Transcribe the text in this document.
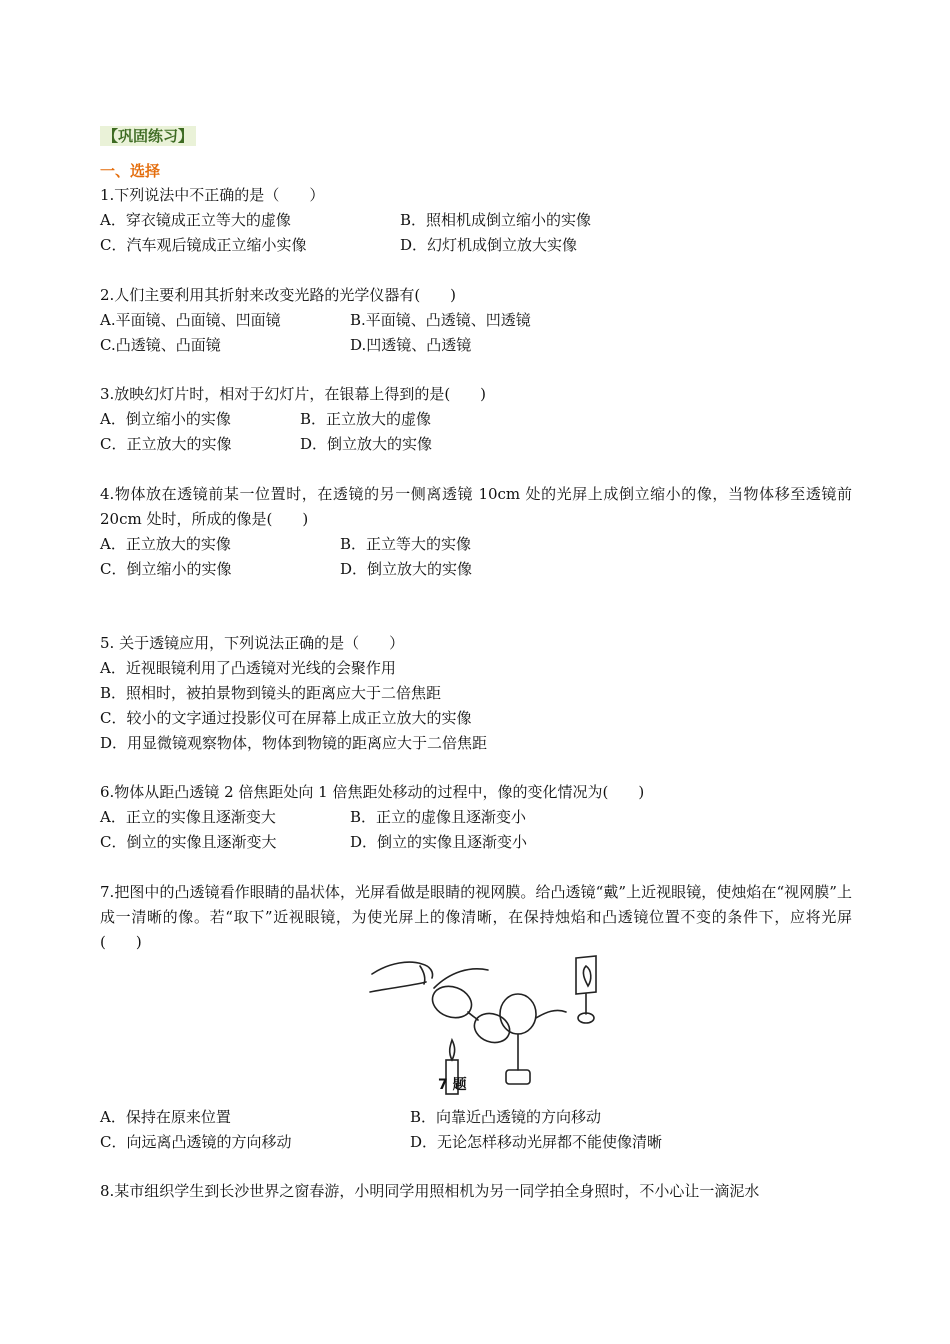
【巩固练习】
一、选择
1.下列说法中不正确的是（　　）
A．穿衣镜成正立等大的虚像	B．照相机成倒立缩小的实像
C．汽车观后镜成正立缩小实像	D．幻灯机成倒立放大实像
2.人们主要利用其折射来改变光路的光学仪器有(　　)
A.平面镜、凸面镜、凹面镜	B.平面镜、凸透镜、凹透镜
C.凸透镜、凸面镜	D.凹透镜、凸透镜
3.放映幻灯片时，相对于幻灯片，在银幕上得到的是(　　)
A．倒立缩小的实像	B．正立放大的虚像
C．正立放大的实像	D．倒立放大的实像
4.物体放在透镜前某一位置时，在透镜的另一侧离透镜 10cm 处的光屏上成倒立缩小的像，当物体移至透镜前 20cm 处时，所成的像是(　　)
A．正立放大的实像	B．正立等大的实像
C．倒立缩小的实像	D．倒立放大的实像
5. 关于透镜应用，下列说法正确的是（　　）
A．近视眼镜利用了凸透镜对光线的会聚作用
B．照相时，被拍景物到镜头的距离应大于二倍焦距
C．较小的文字通过投影仪可在屏幕上成正立放大的实像
D．用显微镜观察物体，物体到物镜的距离应大于二倍焦距
6.物体从距凸透镜 2 倍焦距处向 1 倍焦距处移动的过程中，像的变化情况为(　　)
A．正立的实像且逐渐变大	B．正立的虚像且逐渐变小
C．倒立的实像且逐渐变大	D．倒立的实像且逐渐变小
7.把图中的凸透镜看作眼睛的晶状体，光屏看做是眼睛的视网膜。给凸透镜“戴”上近视眼镜，使烛焰在“视网膜”上成一清晰的像。若“取下”近视眼镜，为使光屏上的像清晰，在保持烛焰和凸透镜位置不变的条件下，应将光屏(　　)
7 题
A．保持在原来位置	B．向靠近凸透镜的方向移动
C．向远离凸透镜的方向移动	D．无论怎样移动光屏都不能使像清晰
8.某市组织学生到长沙世界之窗春游，小明同学用照相机为另一同学拍全身照时，不小心让一滴泥水
